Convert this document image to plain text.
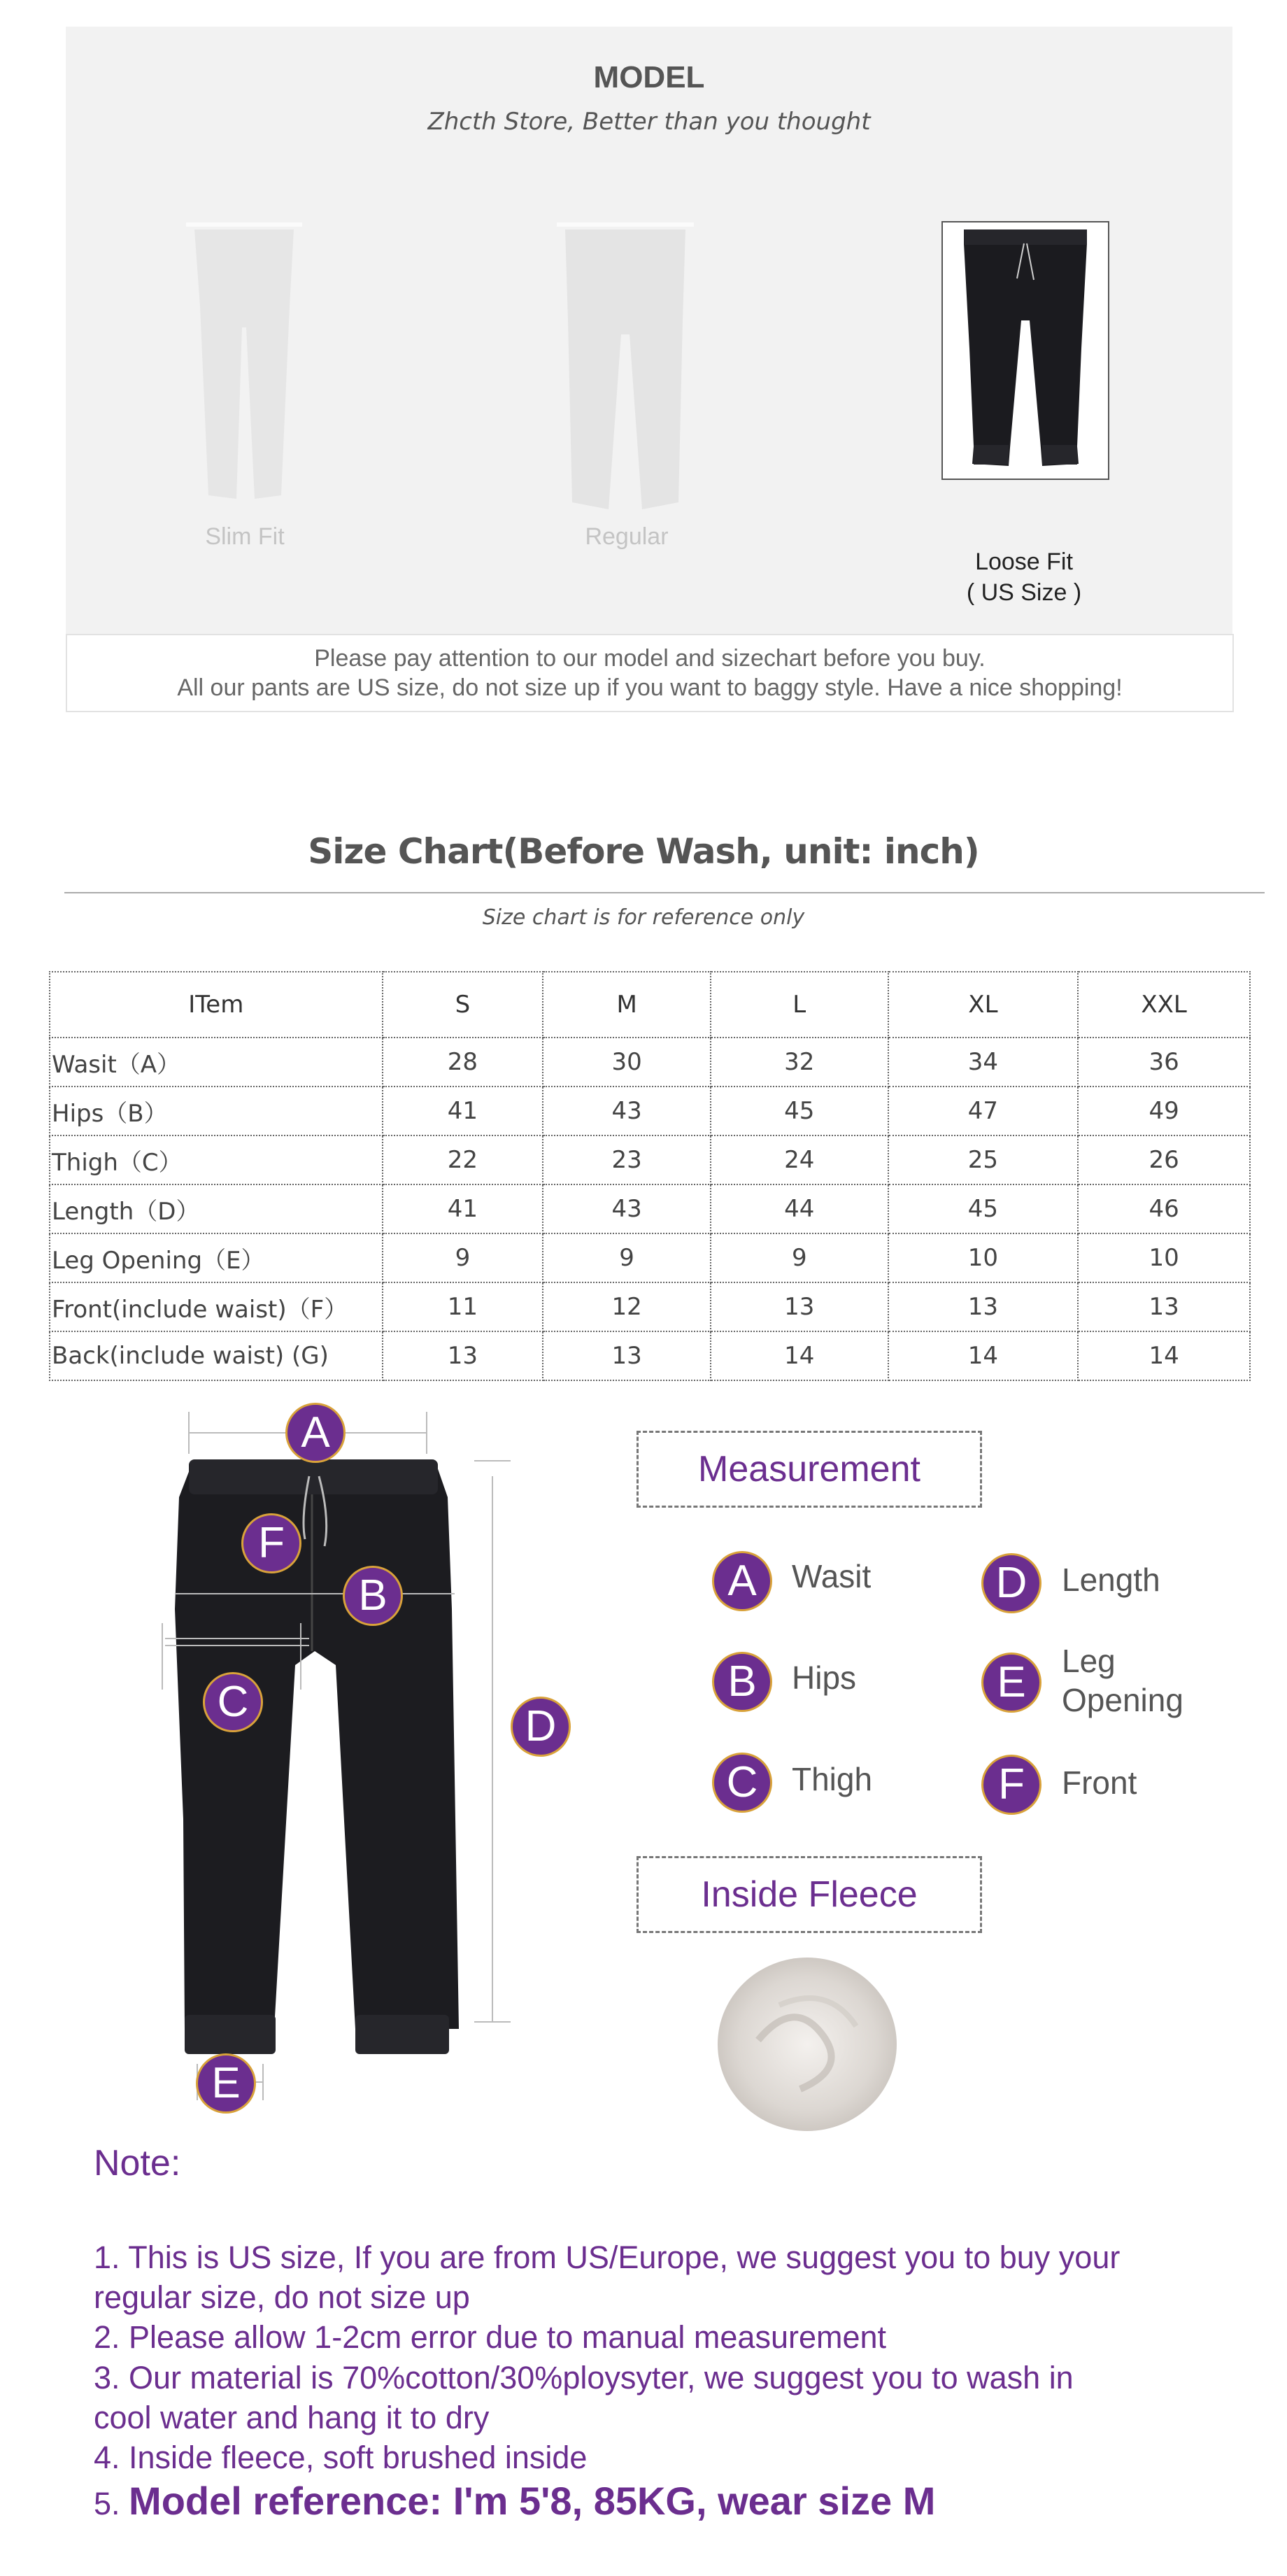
MODEL
Zhcth Store, Better than you thought
Slim Fit	Regular
Loose Fit
( US Size )
Please pay attention to our model and sizechart before you buy.
All our pants are US size, do not size up if you want to baggy style. Have a nice shopping!
Size Chart(Before Wash, unit: inch)
Size chart is for reference only
ITem	S	M	L	XL	XXL
Wasit（A）	28	30	32	34	36
Hips（B）	41	43	45	47	49
Thigh（C）	22	23	24	25	26
Length（D）	41	43	44	45	46
Leg Opening（E）	9	9	9	10	10
Front(include waist)（F）	11	12	13	13	13
Back(include waist) (G)	13	13	14	14	14
A
F
B
C
D
E
Measurement
A	Wasit	D	Length
B	Hips	E	Leg
Opening
C	Thigh	F	Front
Inside Fleece
Note:
1. This is US size, If you are from US/Europe, we suggest you to buy your
regular size, do not size up
2. Please allow 1-2cm error due to manual measurement
3. Our material is 70%cotton/30%ploysyter, we suggest you to wash in
cool water and hang it to dry
4. Inside fleece, soft brushed inside
5. Model reference: I'm 5'8, 85KG, wear size M
